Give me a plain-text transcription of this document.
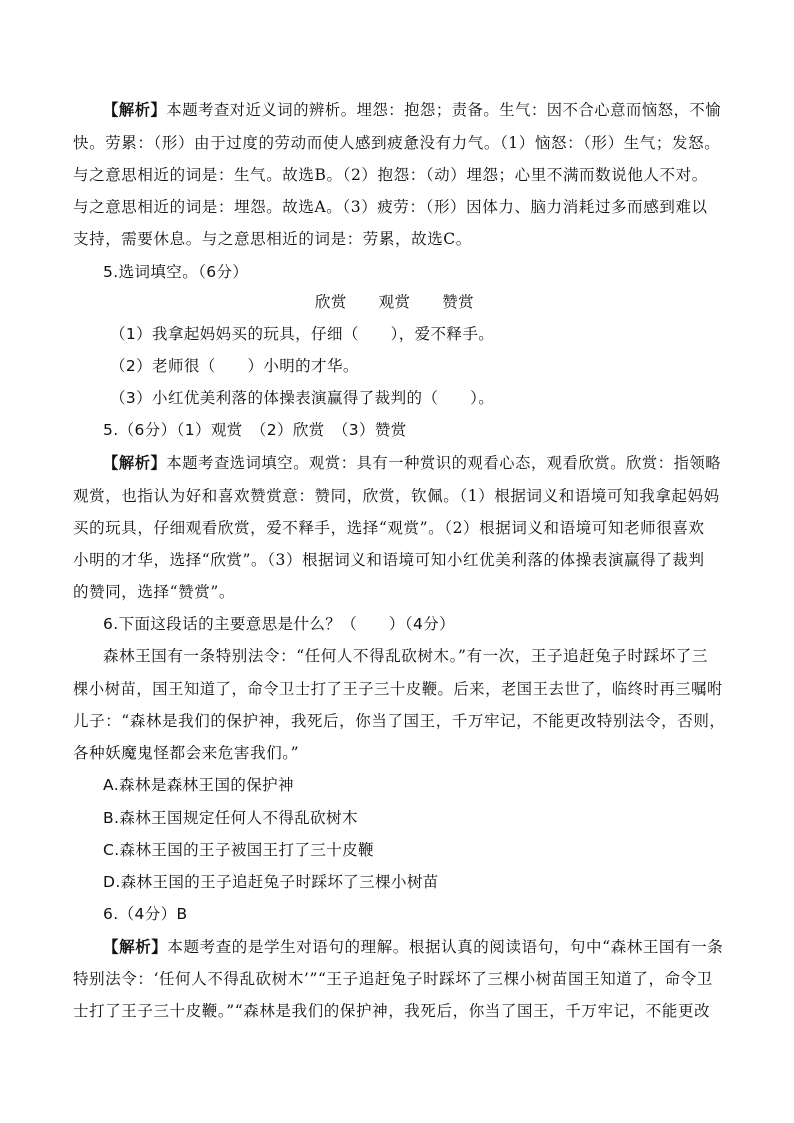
【解析】本题考查对近义词的辨析。埋怨：抱怨；责备。生气：因不合心意而恼怒，不愉
快。劳累：（形）由于过度的劳动而使人感到疲惫没有力气。（1）恼怒：（形）生气；发怒。
与之意思相近的词是：生气。故选B。（2）抱怨：（动）埋怨；心里不满而数说他人不对。
与之意思相近的词是：埋怨。故选A。（3）疲劳：（形）因体力、脑力消耗过多而感到难以
支持，需要休息。与之意思相近的词是：劳累，故选C。
5.选词填空。（6分）
欣赏　　观赏　　赞赏
（1）我拿起妈妈买的玩具，仔细（　　），爱不释手。
（2）老师很（　　）小明的才华。
（3）小红优美利落的体操表演赢得了裁判的（　　）。
5.（6分）（1）观赏　（2）欣赏　（3）赞赏
【解析】本题考查选词填空。观赏：具有一种赏识的观看心态，观看欣赏。欣赏：指领略
观赏，也指认为好和喜欢赞赏意：赞同，欣赏，钦佩。（1）根据词义和语境可知我拿起妈妈
买的玩具，仔细观看欣赏，爱不释手，选择“观赏”。（2）根据词义和语境可知老师很喜欢
小明的才华，选择“欣赏”。（3）根据词义和语境可知小红优美利落的体操表演赢得了裁判
的赞同，选择“赞赏”。
6.下面这段话的主要意思是什么？（　　）（4分）
森林王国有一条特别法令：“任何人不得乱砍树木。”有一次，王子追赶兔子时踩坏了三
棵小树苗，国王知道了，命令卫士打了王子三十皮鞭。后来，老国王去世了，临终时再三嘱咐
儿子：“森林是我们的保护神，我死后，你当了国王，千万牢记，不能更改特别法令，否则，
各种妖魔鬼怪都会来危害我们。”
A.森林是森林王国的保护神
B.森林王国规定任何人不得乱砍树木
C.森林王国的王子被国王打了三十皮鞭
D.森林王国的王子追赶兔子时踩坏了三棵小树苗
6.（4分）B
【解析】本题考查的是学生对语句的理解。根据认真的阅读语句，句中“森林王国有一条
特别法令：‘任何人不得乱砍树木’”“王子追赶兔子时踩坏了三棵小树苗国王知道了，命令卫
士打了王子三十皮鞭。”“森林是我们的保护神，我死后，你当了国王，千万牢记，不能更改
